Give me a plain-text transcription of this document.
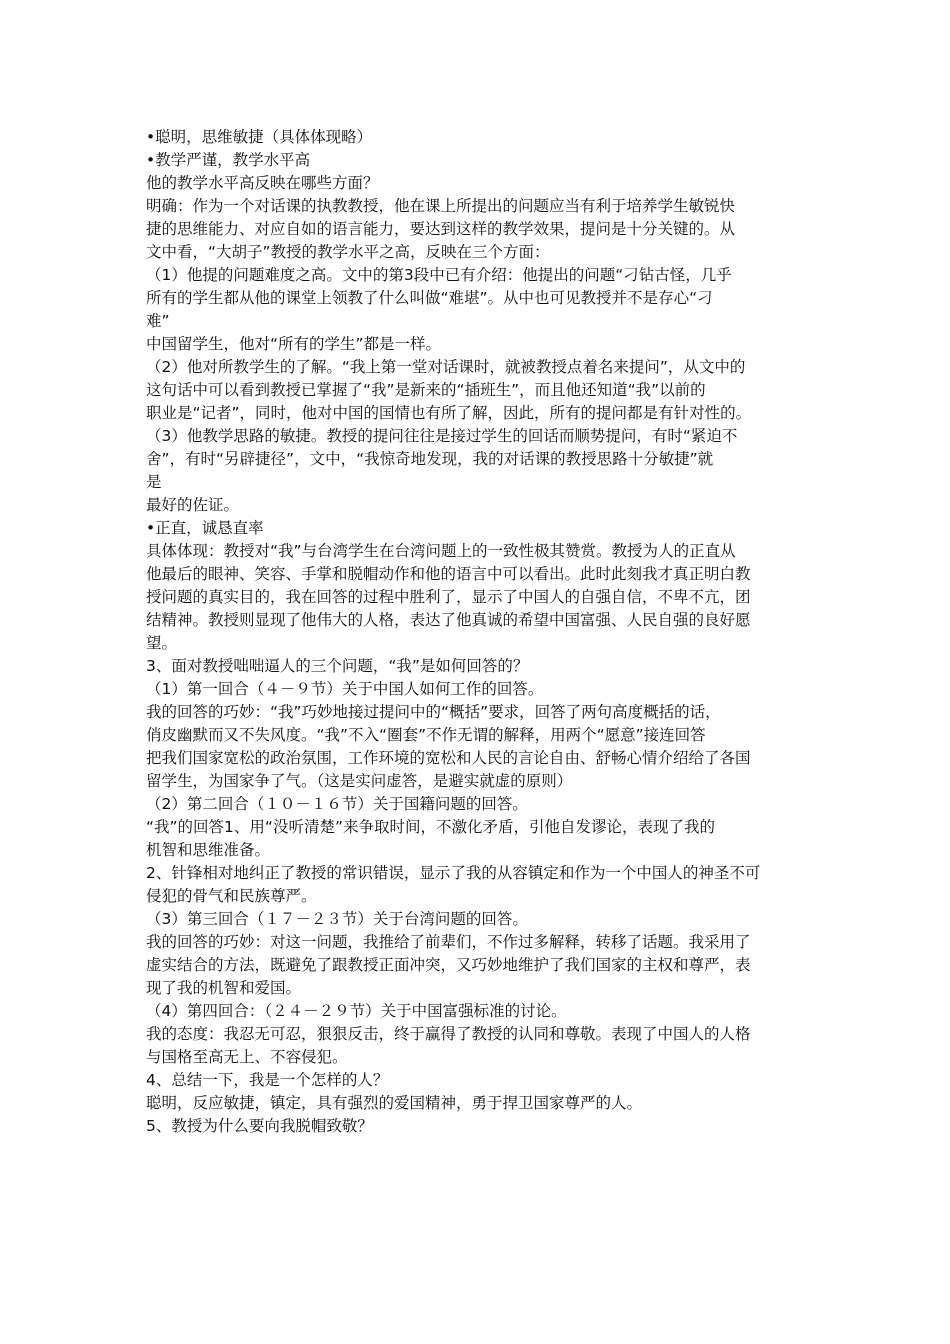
•聪明，思维敏捷（具体体现略）

•教学严谨，教学水平高

他的教学水平高反映在哪些方面？

明确：作为一个对话课的执教教授，他在课上所提出的问题应当有利于培养学生敏锐快

捷的思维能力、对应自如的语言能力，要达到这样的教学效果，提问是十分关键的。从

文中看，“大胡子”教授的教学水平之高，反映在三个方面：

（1）他提的问题难度之高。文中的第3段中已有介绍：他提出的问题“刁钻古怪，几乎

所有的学生都从他的课堂上领教了什么叫做“难堪”。从中也可见教授并不是存心“刁

难”

中国留学生，他对“所有的学生”都是一样。

（2）他对所教学生的了解。“我上第一堂对话课时，就被教授点着名来提问”，从文中的

这句话中可以看到教授已掌握了“我”是新来的“插班生”，而且他还知道“我”以前的

职业是“记者”，同时，他对中国的国情也有所了解，因此，所有的提问都是有针对性的。

（3）他教学思路的敏捷。教授的提问往往是接过学生的回话而顺势提问，有时“紧迫不

舍”，有时“另辟捷径”，文中，“我惊奇地发现，我的对话课的教授思路十分敏捷”就

是

最好的佐证。

•正直，诚恳直率

具体体现：教授对“我”与台湾学生在台湾问题上的一致性极其赞赏。教授为人的正直从

他最后的眼神、笑容、手掌和脱帽动作和他的语言中可以看出。此时此刻我才真正明白教

授问题的真实目的，我在回答的过程中胜利了，显示了中国人的自强自信，不卑不亢，团

结精神。教授则显现了他伟大的人格，表达了他真诚的希望中国富强、人民自强的良好愿

望。

3、面对教授咄咄逼人的三个问题，“我”是如何回答的？

（1）第一回合（４－９节）关于中国人如何工作的回答。

我的回答的巧妙：“我”巧妙地接过提问中的“概括”要求，回答了两句高度概括的话，

俏皮幽默而又不失风度。“我”不入“圈套”不作无谓的解释，用两个“愿意”接连回答

把我们国家宽松的政治氛围，工作环境的宽松和人民的言论自由、舒畅心情介绍给了各国

留学生，为国家争了气。（这是实问虚答，是避实就虚的原则）

（2）第二回合（１０－１６节）关于国籍问题的回答。

“我”的回答1、用“没听清楚”来争取时间，不激化矛盾，引他自发谬论，表现了我的

机智和思维准备。

2、针锋相对地纠正了教授的常识错误，显示了我的从容镇定和作为一个中国人的神圣不可

侵犯的骨气和民族尊严。

（3）第三回合（１７－２３节）关于台湾问题的回答。

我的回答的巧妙：对这一问题，我推给了前辈们，不作过多解释，转移了话题。我采用了

虚实结合的方法，既避免了跟教授正面冲突，又巧妙地维护了我们国家的主权和尊严，表

现了我的机智和爱国。

（4）第四回合：（２４－２９节）关于中国富强标准的讨论。

我的态度：我忍无可忍，狠狠反击，终于赢得了教授的认同和尊敬。表现了中国人的人格

与国格至高无上、不容侵犯。

4、总结一下，我是一个怎样的人？

聪明，反应敏捷，镇定，具有强烈的爱国精神，勇于捍卫国家尊严的人。

5、教授为什么要向我脱帽致敬？
